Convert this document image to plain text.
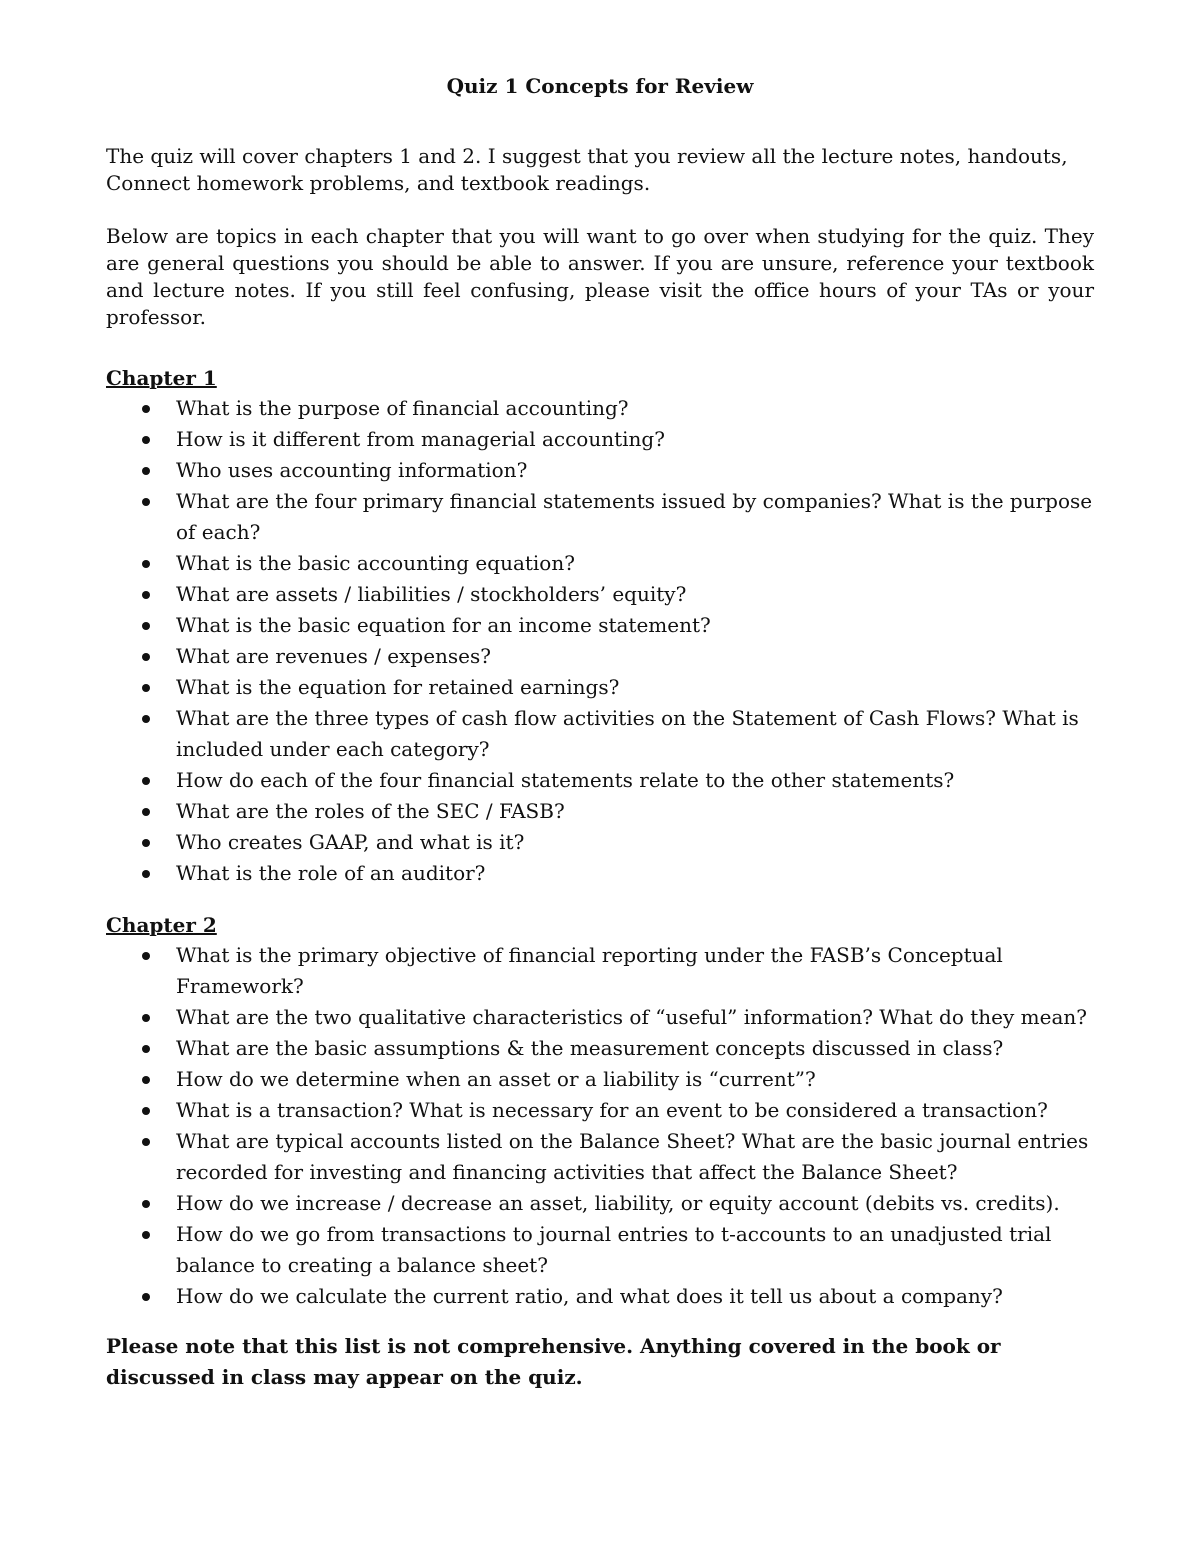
Quiz 1 Concepts for Review

The quiz will cover chapters 1 and 2. I suggest that you review all the lecture notes, handouts, Connect homework problems, and textbook readings.

Below are topics in each chapter that you will want to go over when studying for the quiz. They are general questions you should be able to answer. If you are unsure, reference your textbook and lecture notes. If you still feel confusing, please visit the office hours of your TAs or your professor.

Chapter 1

What is the purpose of financial accounting?
How is it different from managerial accounting?
Who uses accounting information?
What are the four primary financial statements issued by companies? What is the purpose of each?
What is the basic accounting equation?
What are assets / liabilities / stockholders’ equity?
What is the basic equation for an income statement?
What are revenues / expenses?
What is the equation for retained earnings?
What are the three types of cash flow activities on the Statement of Cash Flows? What is included under each category?
How do each of the four financial statements relate to the other statements?
What are the roles of the SEC / FASB?
Who creates GAAP, and what is it?
What is the role of an auditor?

Chapter 2

What is the primary objective of financial reporting under the FASB’s Conceptual Framework?
What are the two qualitative characteristics of “useful” information? What do they mean?
What are the basic assumptions & the measurement concepts discussed in class?
How do we determine when an asset or a liability is “current”?
What is a transaction? What is necessary for an event to be considered a transaction?
What are typical accounts listed on the Balance Sheet? What are the basic journal entries recorded for investing and financing activities that affect the Balance Sheet?
How do we increase / decrease an asset, liability, or equity account (debits vs. credits).
How do we go from transactions to journal entries to t-accounts to an unadjusted trial balance to creating a balance sheet?
How do we calculate the current ratio, and what does it tell us about a company?

Please note that this list is not comprehensive. Anything covered in the book or discussed in class may appear on the quiz.
